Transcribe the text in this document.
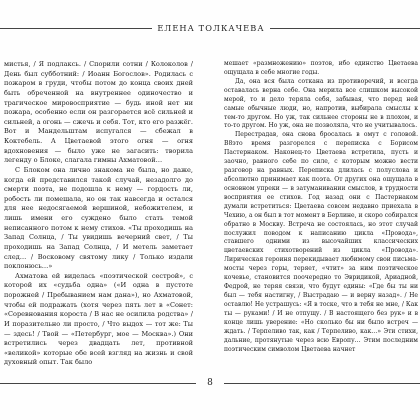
ЕЛЕНА ТОЛКАЧЕВА

мистья, / Я подлаксь. / Спорили сотни / Колоколов / День был субботний: / Иоанн Богослов». Родилась с пожаром в груди, чтобы потом до конца своих дней быть обреченной на внутреннее одиночество и трагическое мировосприятие — будь иной нет ни пожара, особенно если он разгорается всё сильней и сильней, а огонь — сжечь и себя. Тот, кто его разжёг. Вот и Мандельштам испугался — сбежал в Коктебель. А Цветаевой этого огня — огня вдохновения — было уже не загасить: творила легенду о Блоке, слагала гимны Ахматовой…

С Блоком она лично знакома не была, но даже, когда ей представился такой случай, незадолго до смерти поэта, не подошла к нему — гордость ли, робость ли помешала, но он так навсегда и остался для нее недосягаемой вершиной, небожителем, и лишь имени его суждено было стать темой неписанного потом к нему стихов. «Ты проходишь на Запад Солнца, / Ты увидишь вечерний свет, / Ты проходишь на Запад Солнца, / И метель заметает след… / Восковому святому лику / Только издали поклонюсь…»

Ахматова ей виделась «поэтической сестрой», с которой их «судьба одна» («И одна в пустоте порожней / Пребыванием нам дана»), но Ахматовой, чтобы ей подражать (хотя через пять лет в «Сонет: «Соревнования короста / В нас не осилила родства» / И поразительно ли просто, / Что выдох — тот же: Ты — здесь! / Твой — «Петербург, мое — Москва».) Они встретились через двадцать лет, противной «великой» которые обе всей взгляд на жизнь и свой духовный опыт. Так было

мешает «размножению» поэтов, ибо единство Цветаева ощущала в себе многие годы.

Да, она вся была соткана из противоречий, и всегда оставалась верна себе. Она мерила все слишком высокой мерой, то и дело теряла себя, забывая, что перед ней самые обычные люди, но, напротив, выбирала смыслы к тем-то другом. Но уж, так сильнее стороны не в плохом, и то-то другом. Но уж, она не позволяла, что не учитывалось.

Перестрадав, она снова бросалась в омут с головой. В8это время разгорелся с переписка с Борисом Пастернаком. Наконец-то Цветаева встретила, пусть и заочно, равного себе по силе, с которым можно вести разговор на равных. Переписка длилась с полуслова и абсолютно принимает как поэта. От других она ощущала в основном упреки — в затуманивании смыслов, в трудности восприятия ее стихов. Год назад они с Пастернаком думали встретиться: Цветаева совсем недавно приехала в Чехию, а он был в тот момент в Берлине, и скоро собирался обратно в Москву. Встреча не состоялась, но этот случай послужил поводом к написанию цикла «Провода», ставшего одними из высочайших классических цветаевских стихотворений из цикла «Провода». Лирическая героиня перекидывает любимому свои письма-мосты через горы, теряет, «чтит» за ним поэтическое кочевье, становится поочередно то Эвридикой, Ариадной, Федрой, не теряя связи, что будут едины: «Где бы ты ни был — тебя настигну, / Выстрадаю — и верну назад». / Не оставлю! Не устрашусь: «Я в тоске, что в тебя не мне, / Как ты — руками! / И не отпущу. / В настоящего без рук» и в конце лишь уверение: «Но сколько бы ни было встреч — ждать. / Терпеливо так, как / Терпеливо, как…» Эти стихи, дальние, протянутые через всю Европу… Этим последним поэтическим символом Цветаева начнет

8
